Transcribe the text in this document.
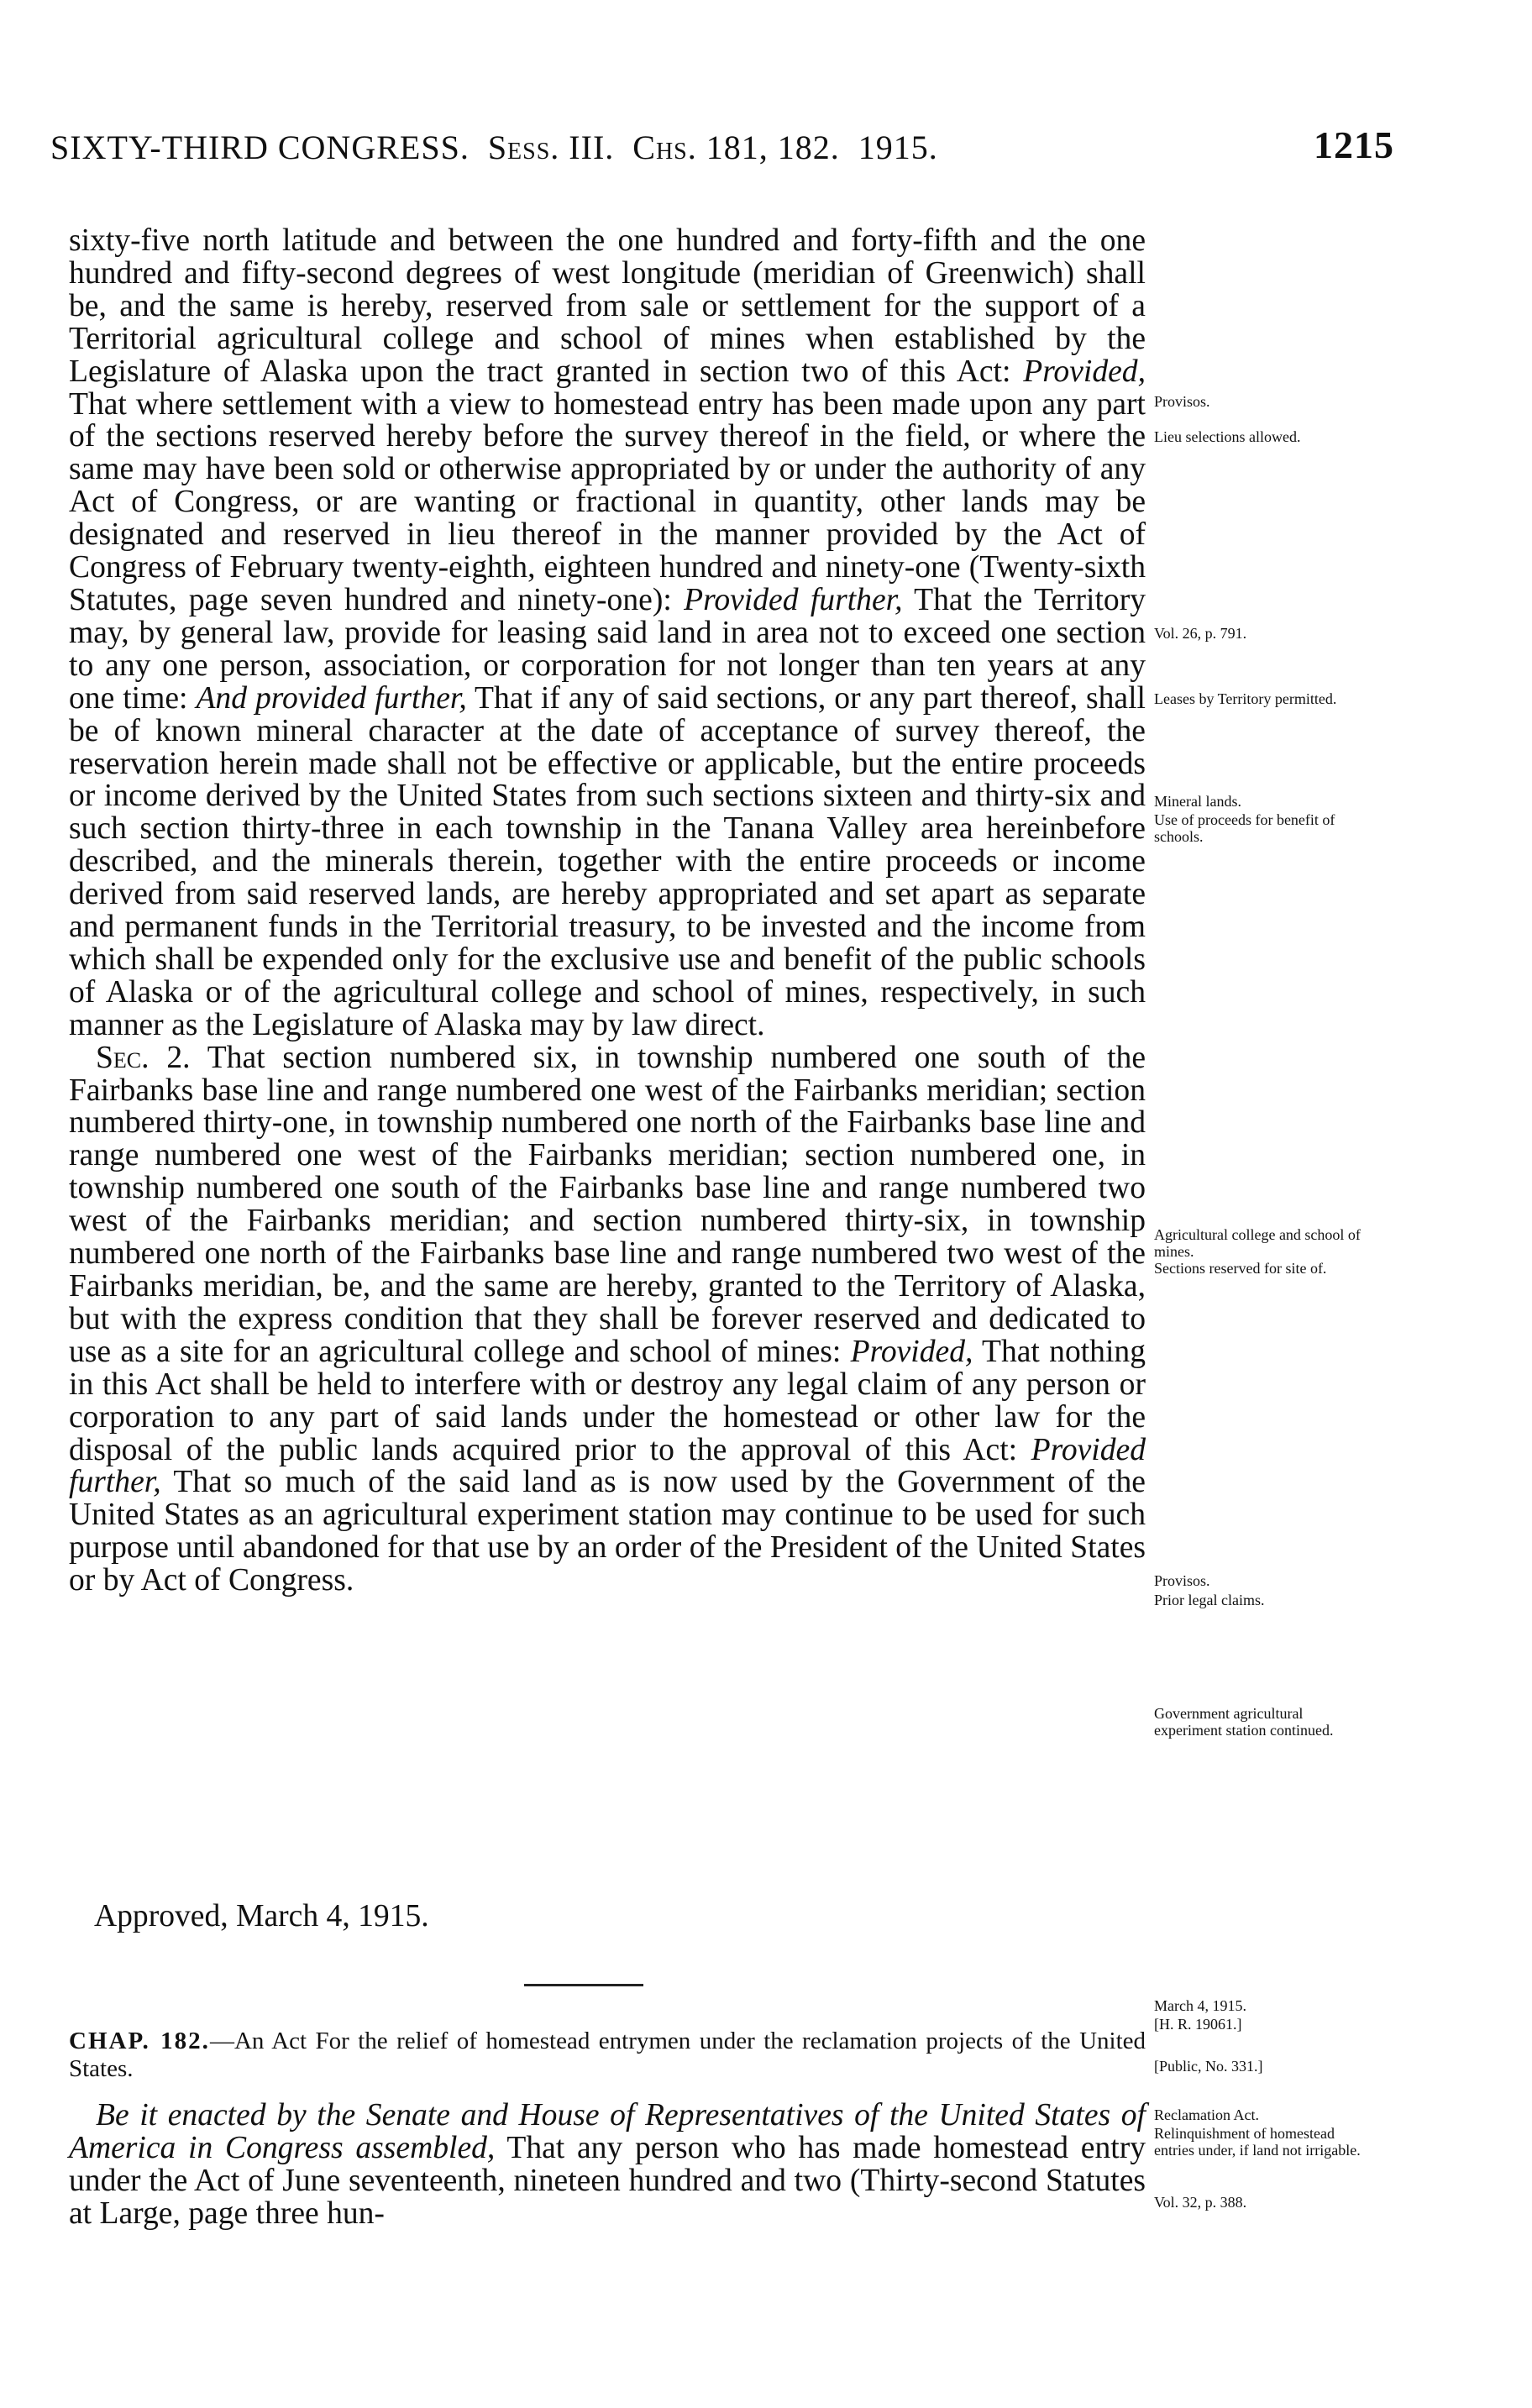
SIXTY-THIRD CONGRESS. Sess. III. Chs. 181, 182. 1915.	1215

sixty-five north latitude and between the one hundred and forty-fifth and the one hundred and fifty-second degrees of west longitude (meridian of Greenwich) shall be, and the same is hereby, reserved from sale or settlement for the support of a Territorial agricultural college and school of mines when established by the Legislature of Alaska upon the tract granted in section two of this Act: Provided, That where settlement with a view to homestead entry has been made upon any part of the sections reserved hereby before the survey thereof in the field, or where the same may have been sold or otherwise appropriated by or under the authority of any Act of Congress, or are wanting or fractional in quantity, other lands may be designated and reserved in lieu thereof in the manner provided by the Act of Congress of February twenty-eighth, eighteen hundred and ninety-one (Twenty-sixth Statutes, page seven hundred and ninety-one): Provided further, That the Territory may, by general law, provide for leasing said land in area not to exceed one section to any one person, association, or corporation for not longer than ten years at any one time: And provided further, That if any of said sections, or any part thereof, shall be of known mineral character at the date of acceptance of survey thereof, the reservation herein made shall not be effective or applicable, but the entire proceeds or income derived by the United States from such sections sixteen and thirty-six and such section thirty-three in each township in the Tanana Valley area hereinbefore described, and the minerals therein, together with the entire proceeds or income derived from said reserved lands, are hereby appropriated and set apart as separate and permanent funds in the Territorial treasury, to be invested and the income from which shall be expended only for the exclusive use and benefit of the public schools of Alaska or of the agricultural college and school of mines, respectively, in such manner as the Legislature of Alaska may by law direct.

Sec. 2. That section numbered six, in township numbered one south of the Fairbanks base line and range numbered one west of the Fairbanks meridian; section numbered thirty-one, in township numbered one north of the Fairbanks base line and range numbered one west of the Fairbanks meridian; section numbered one, in township numbered one south of the Fairbanks base line and range numbered two west of the Fairbanks meridian; and section numbered thirty-six, in township numbered one north of the Fairbanks base line and range numbered two west of the Fairbanks meridian, be, and the same are hereby, granted to the Territory of Alaska, but with the express condition that they shall be forever reserved and dedicated to use as a site for an agricultural college and school of mines: Provided, That nothing in this Act shall be held to interfere with or destroy any legal claim of any person or corporation to any part of said lands under the homestead or other law for the disposal of the public lands acquired prior to the approval of this Act: Provided further, That so much of the said land as is now used by the Government of the United States as an agricultural experiment station may continue to be used for such purpose until abandoned for that use by an order of the President of the United States or by Act of Congress.

Approved, March 4, 1915.
CHAP. 182.—An Act For the relief of homestead entrymen under the reclamation projects of the United States.
Be it enacted by the Senate and House of Representatives of the United States of America in Congress assembled, That any person who has made homestead entry under the Act of June seventeenth, nineteen hundred and two (Thirty-second Statutes at Large, page three hun-
Provisos.
Lieu selections allowed.
Vol. 26, p. 791.
Leases by Territory permitted.
Mineral lands.
Use of proceeds for benefit of schools.
Agricultural college and school of mines.
Sections reserved for site of.
Provisos.
Prior legal claims.
Government agricultural experiment station continued.
March 4, 1915.
[H. R. 19061.]
[Public, No. 331.]
Reclamation Act.
Relinquishment of homestead entries under, if land not irrigable.
Vol. 32, p. 388.
